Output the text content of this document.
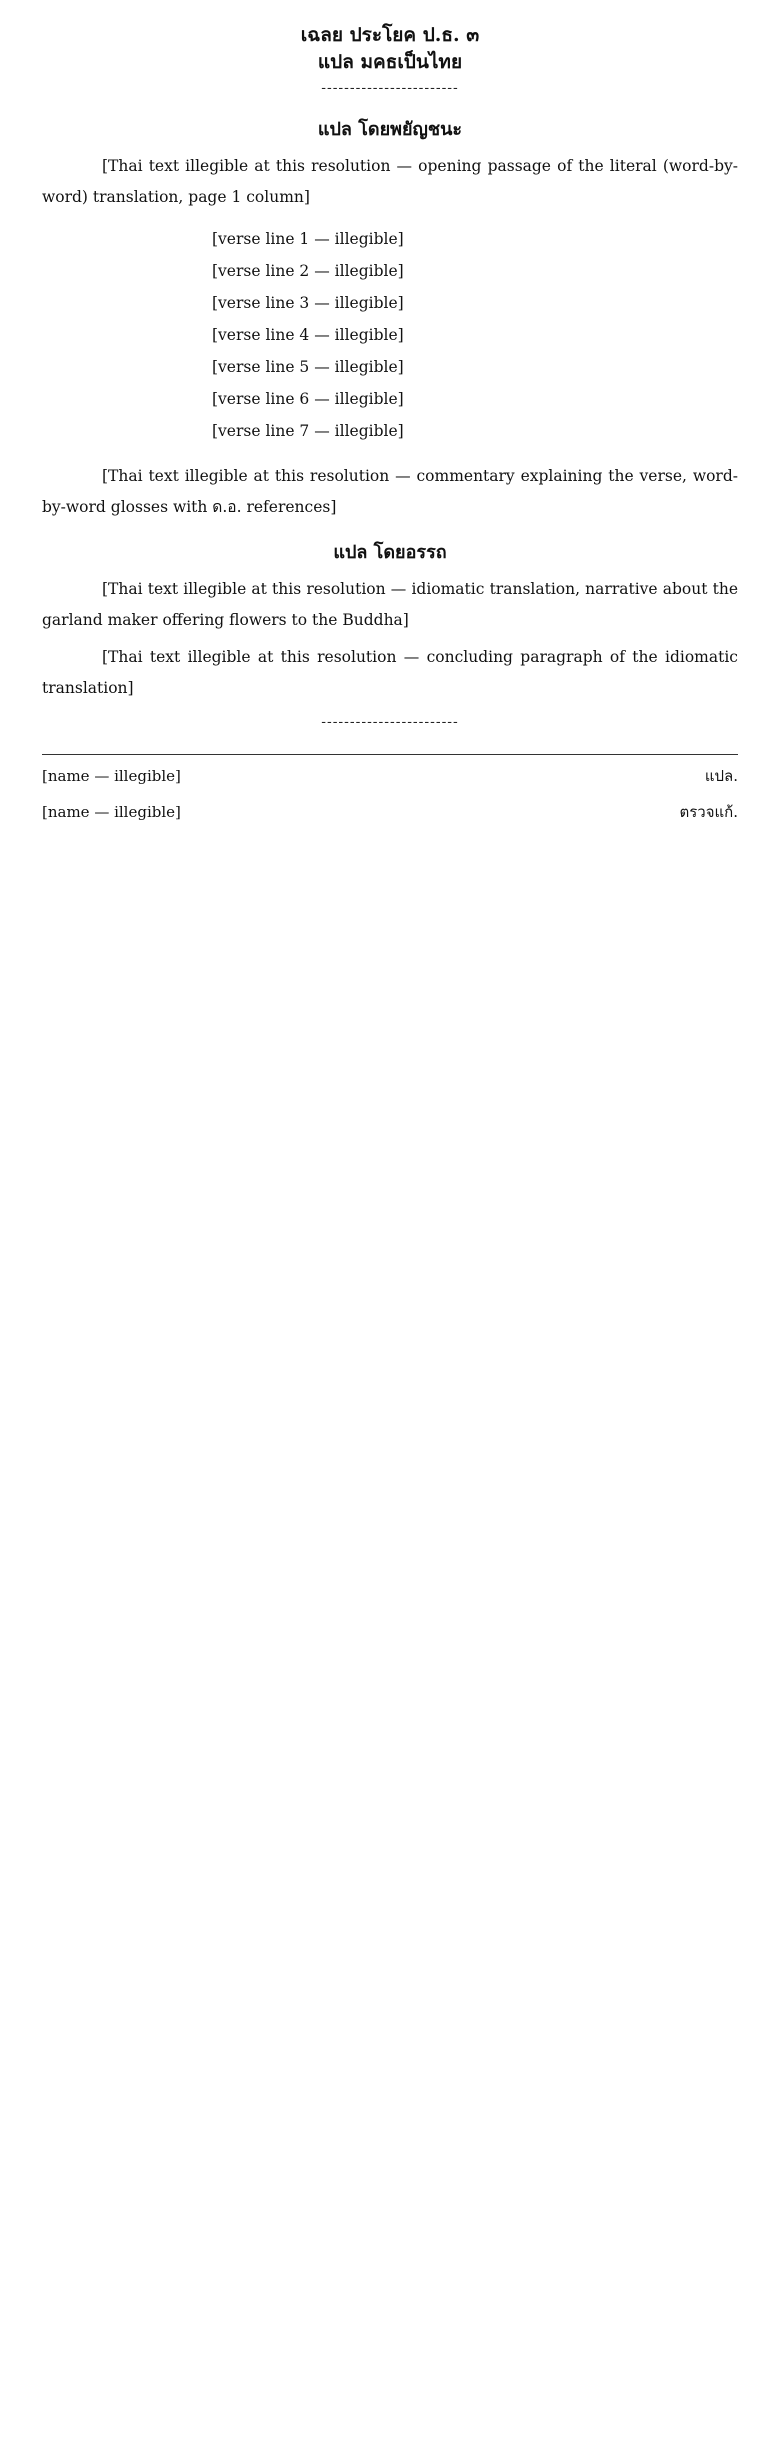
เฉลย ประโยค ป.ธ. ๓
แปล มคธเป็นไทย
------------------------
แปล โดยพยัญชนะ

[Thai text illegible at this resolution — opening passage of the literal (word-by-word) translation, page 1 column]

[verse line 1 — illegible]
[verse line 2 — illegible]
[verse line 3 — illegible]
[verse line 4 — illegible]
[verse line 5 — illegible]
[verse line 6 — illegible]
[verse line 7 — illegible]

[Thai text illegible at this resolution — commentary explaining the verse, word-by-word glosses with ด.อ. references]

แปล โดยอรรถ

[Thai text illegible at this resolution — idiomatic translation, narrative about the garland maker offering flowers to the Buddha]

[Thai text illegible at this resolution — concluding paragraph of the idiomatic translation]

------------------------
[name — illegible]	แปล.
[name — illegible]	ตรวจแก้.
